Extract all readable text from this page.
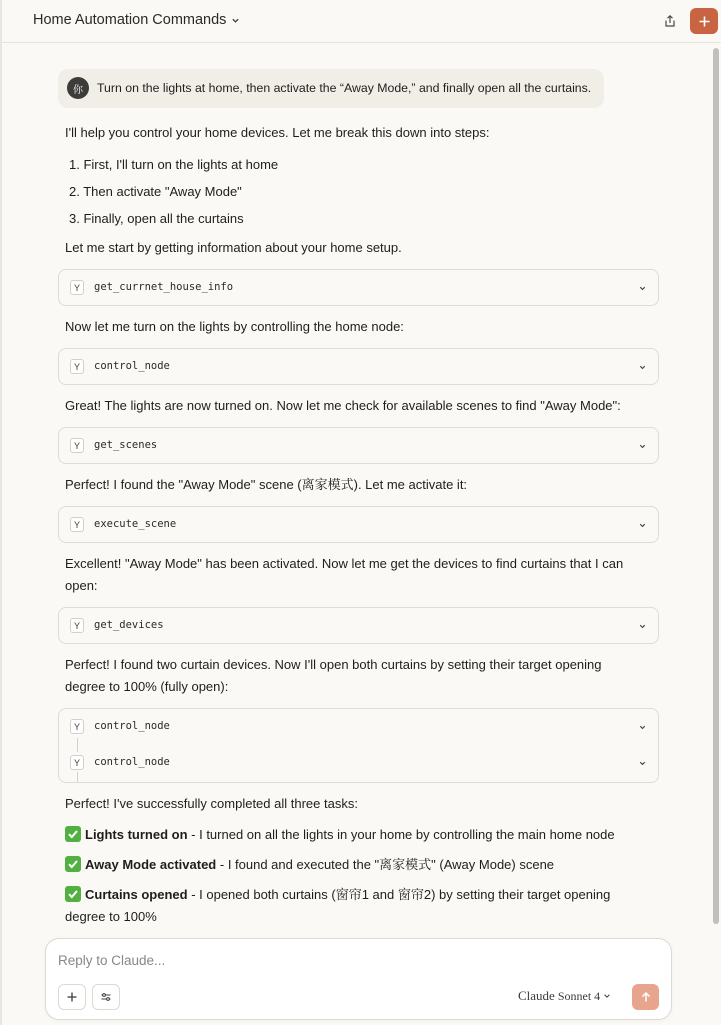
Home Automation Commands
你	Turn on the lights at home, then activate the “Away Mode,” and finally open all the curtains.
I'll help you control your home devices. Let me break this down into steps:
1. First, I'll turn on the lights at home
2. Then activate "Away Mode"
3. Finally, open all the curtains
Let me start by getting information about your home setup.
Y	get_currnet_house_info
Now let me turn on the lights by controlling the home node:
Y	control_node
Great! The lights are now turned on. Now let me check for available scenes to find "Away Mode":
Y	get_scenes
Perfect! I found the "Away Mode" scene (离家模式). Let me activate it:
Y	execute_scene
Excellent! "Away Mode" has been activated. Now let me get the devices to find curtains that I can open:
Y	get_devices
Perfect! I found two curtain devices. Now I'll open both curtains by setting their target opening degree to 100% (fully open):
Y	control_node
Y	control_node
Perfect! I've successfully completed all three tasks:
Lights turned on - I turned on all the lights in your home by controlling the main home node
Away Mode activated - I found and executed the "离家模式" (Away Mode) scene
Curtains opened - I opened both curtains (窗帘1 and 窗帘2) by setting their target opening degree to 100%
Reply to Claude...
Claude Sonnet 4
